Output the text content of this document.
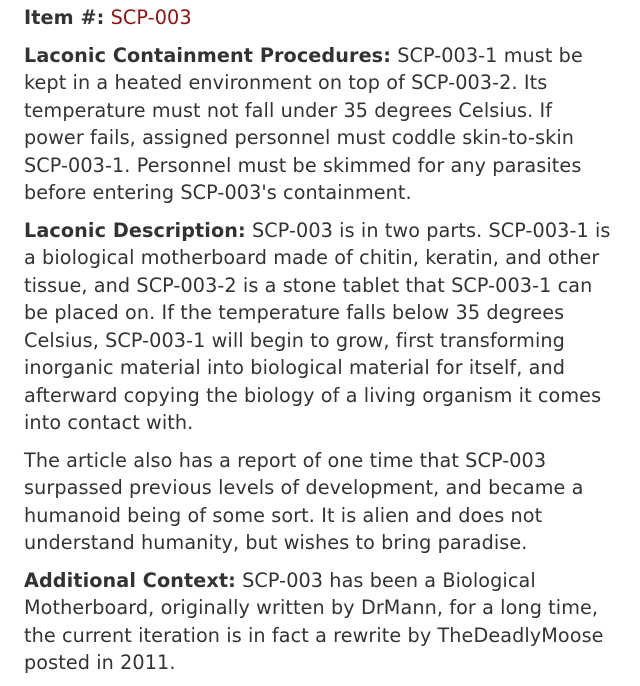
Item #: SCP-003

Laconic Containment Procedures: SCP-003-1 must be kept in a heated environment on top of SCP-003-2. Its temperature must not fall under 35 degrees Celsius. If power fails, assigned personnel must coddle skin-to-skin SCP-003-1. Personnel must be skimmed for any parasites before entering SCP-003's containment.

Laconic Description: SCP-003 is in two parts. SCP-003-1 is a biological motherboard made of chitin, keratin, and other tissue, and SCP-003-2 is a stone tablet that SCP-003-1 can be placed on. If the temperature falls below 35 degrees Celsius, SCP-003-1 will begin to grow, first transforming inorganic material into biological material for itself, and afterward copying the biology of a living organism it comes into contact with.

The article also has a report of one time that SCP-003 surpassed previous levels of development, and became a humanoid being of some sort. It is alien and does not understand humanity, but wishes to bring paradise.

Additional Context: SCP-003 has been a Biological Motherboard, originally written by DrMann, for a long time, the current iteration is in fact a rewrite by TheDeadlyMoose posted in 2011.
